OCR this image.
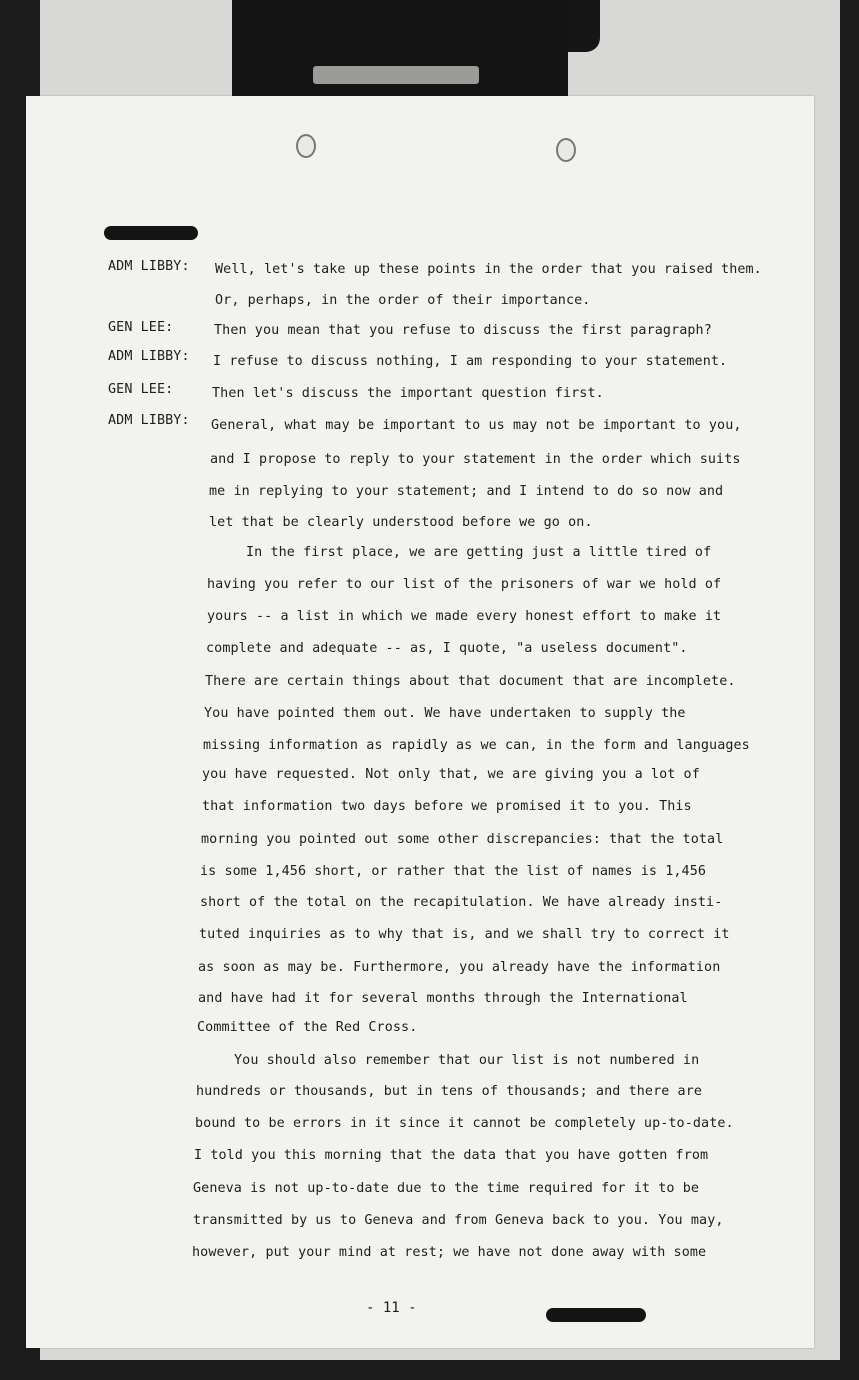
ADM LIBBY:
GEN LEE:
ADM LIBBY:
GEN LEE:
ADM LIBBY:
Well, let's take up these points in the order that you raised them.
Or, perhaps, in the order of their importance.
Then you mean that you refuse to discuss the first paragraph?
I refuse to discuss nothing, I am responding to your statement.
Then let's discuss the important question first.
General, what may be important to us may not be important to you,
and I propose to reply to your statement in the order which suits
me in replying to your statement; and I intend to do so now and
let that be clearly understood before we go on.
In the first place, we are getting just a little tired of
having you refer to our list of the prisoners of war we hold of
yours -- a list in which we made every honest effort to make it
complete and adequate -- as, I quote, "a useless document".
There are certain things about that document that are incomplete.
You have pointed them out. We have undertaken to supply the
missing information as rapidly as we can, in the form and languages
you have requested. Not only that, we are giving you a lot of
that information two days before we promised it to you. This
morning you pointed out some other discrepancies: that the total
is some 1,456 short, or rather that the list of names is 1,456
short of the total on the recapitulation. We have already insti-
tuted inquiries as to why that is, and we shall try to correct it
as soon as may be. Furthermore, you already have the information
and have had it for several months through the International
Committee of the Red Cross.
You should also remember that our list is not numbered in
hundreds or thousands, but in tens of thousands; and there are
bound to be errors in it since it cannot be completely up-to-date.
I told you this morning that the data that you have gotten from
Geneva is not up-to-date due to the time required for it to be
transmitted by us to Geneva and from Geneva back to you. You may,
however, put your mind at rest; we have not done away with some
- 11 -
